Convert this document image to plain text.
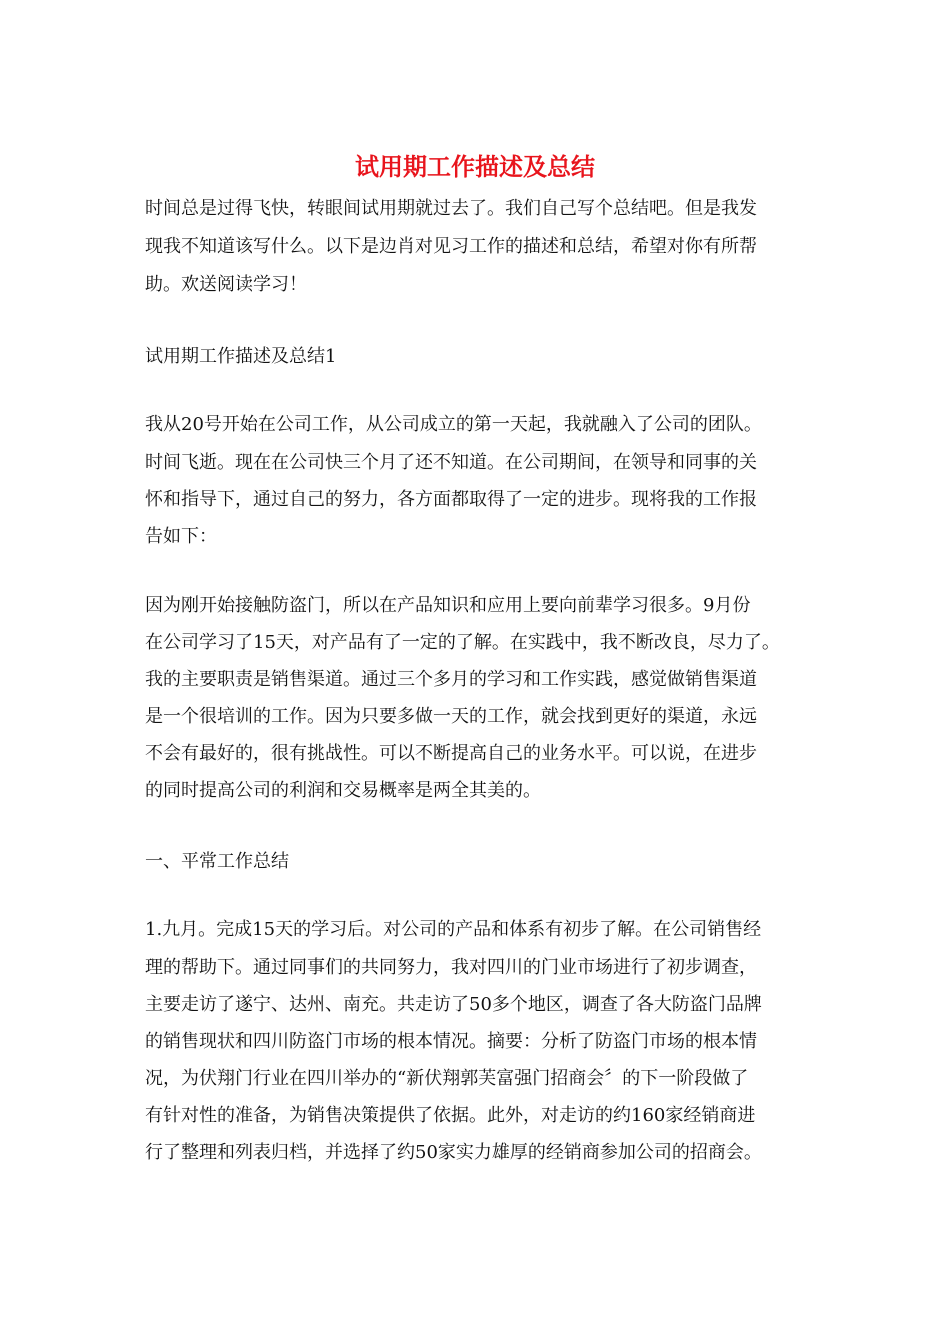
试用期工作描述及总结

时间总是过得飞快，转眼间试用期就过去了。我们自己写个总结吧。但是我发

现我不知道该写什么。以下是边肖对见习工作的描述和总结，希望对你有所帮

助。欢送阅读学习！

试用期工作描述及总结1

我从20号开始在公司工作，从公司成立的第一天起，我就融入了公司的团队。

时间飞逝。现在在公司快三个月了还不知道。在公司期间，在领导和同事的关

怀和指导下，通过自己的努力，各方面都取得了一定的进步。现将我的工作报

告如下：

因为刚开始接触防盗门，所以在产品知识和应用上要向前辈学习很多。9月份

在公司学习了15天，对产品有了一定的了解。在实践中，我不断改良，尽力了。

我的主要职责是销售渠道。通过三个多月的学习和工作实践，感觉做销售渠道

是一个很培训的工作。因为只要多做一天的工作，就会找到更好的渠道，永远

不会有最好的，很有挑战性。可以不断提高自己的业务水平。可以说，在进步

的同时提高公司的利润和交易概率是两全其美的。

一、平常工作总结

1.九月。完成15天的学习后。对公司的产品和体系有初步了解。在公司销售经

理的帮助下。通过同事们的共同努力，我对四川的门业市场进行了初步调查，

主要走访了遂宁、达州、南充。共走访了50多个地区，调查了各大防盗门品牌

的销售现状和四川防盗门市场的根本情况。摘要：分析了防盗门市场的根本情

况，为伏翔门行业在四川举办的“新伏翔郭芙富强门招商会〞的下一阶段做了

有针对性的准备，为销售决策提供了依据。此外，对走访的约160家经销商进

行了整理和列表归档，并选择了约50家实力雄厚的经销商参加公司的招商会。
